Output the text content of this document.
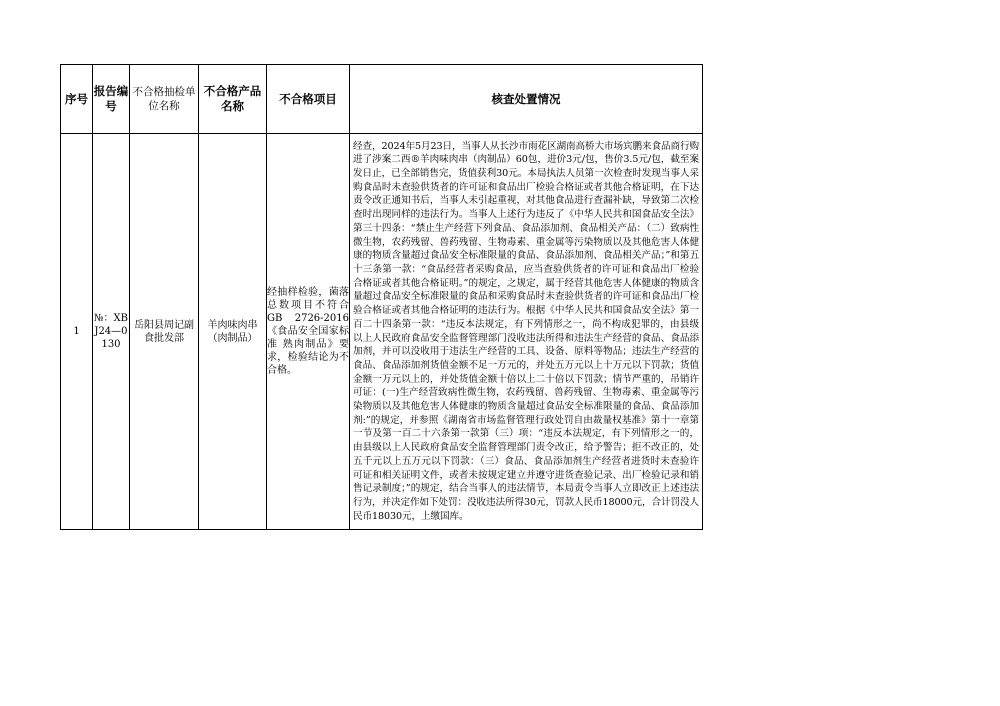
序号	报告编号	不合格抽检单位名称	不合格产品名称	不合格项目	核查处置情况
1	№：XBJ24—0130	岳阳县周记副食批发部	羊肉味肉串（肉制品）	经抽样检验，菌落总数项目不符合 GB 2726-2016《食品安全国家标准 熟肉制品》要求，检验结论为不合格。	经查，2024年5月23日，当事人从长沙市雨花区湖南高桥大市场宾鹏来食品商行购进了涉案二西®羊肉味肉串（肉制品）60包，进价3元/包，售价3.5元/包，截至案发日止，已全部销售完，货值获利30元。本局执法人员第一次检查时发现当事人采购食品时未查验供货者的许可证和食品出厂检验合格证或者其他合格证明，在下达责令改正通知书后，当事人未引起重视，对其他食品进行查漏补缺，导致第二次检查时出现同样的违法行为。当事人上述行为违反了《中华人民共和国食品安全法》第三十四条：“禁止生产经营下列食品、食品添加剂、食品相关产品：（二）致病性微生物，农药残留、兽药残留、生物毒素、重金属等污染物质以及其他危害人体健康的物质含量超过食品安全标准限量的食品、食品添加剂、食品相关产品；”和第五十三条第一款：“食品经营者采购食品，应当查验供货者的许可证和食品出厂检验合格证或者其他合格证明。”的规定，之规定，属于经营其他危害人体健康的物质含量超过食品安全标准限量的食品和采购食品时未查验供货者的许可证和食品出厂检验合格证或者其他合格证明的违法行为。根据《中华人民共和国食品安全法》第一百二十四条第一款：“违反本法规定，有下列情形之一，尚不构成犯罪的，由县级以上人民政府食品安全监督管理部门没收违法所得和违法生产经营的食品、食品添加剂，并可以没收用于违法生产经营的工具、设备、原料等物品；违法生产经营的食品、食品添加剂货值金额不足一万元的，并处五万元以上十万元以下罚款；货值金额一万元以上的，并处货值金额十倍以上二十倍以下罚款；情节严重的，吊销许可证：(一)生产经营致病性微生物，农药残留、兽药残留、生物毒素、重金属等污染物质以及其他危害人体健康的物质含量超过食品安全标准限量的食品、食品添加剂:”的规定，并参照《湖南省市场监督管理行政处罚自由裁量权基准》第十一章第一节及第一百二十六条第一款第（三）项：“违反本法规定，有下列情形之一的，由县级以上人民政府食品安全监督管理部门责令改正，给予警告；拒不改正的，处五千元以上五万元以下罚款：（三）食品、食品添加剂生产经营者进货时未查验许可证和相关证明文件，或者未按规定建立并遵守进货查验记录、出厂检验记录和销售记录制度；”的规定，结合当事人的违法情节，本局责令当事人立即改正上述违法行为，并决定作如下处罚：没收违法所得30元，罚款人民币18000元，合计罚没人民币18030元，上缴国库。
